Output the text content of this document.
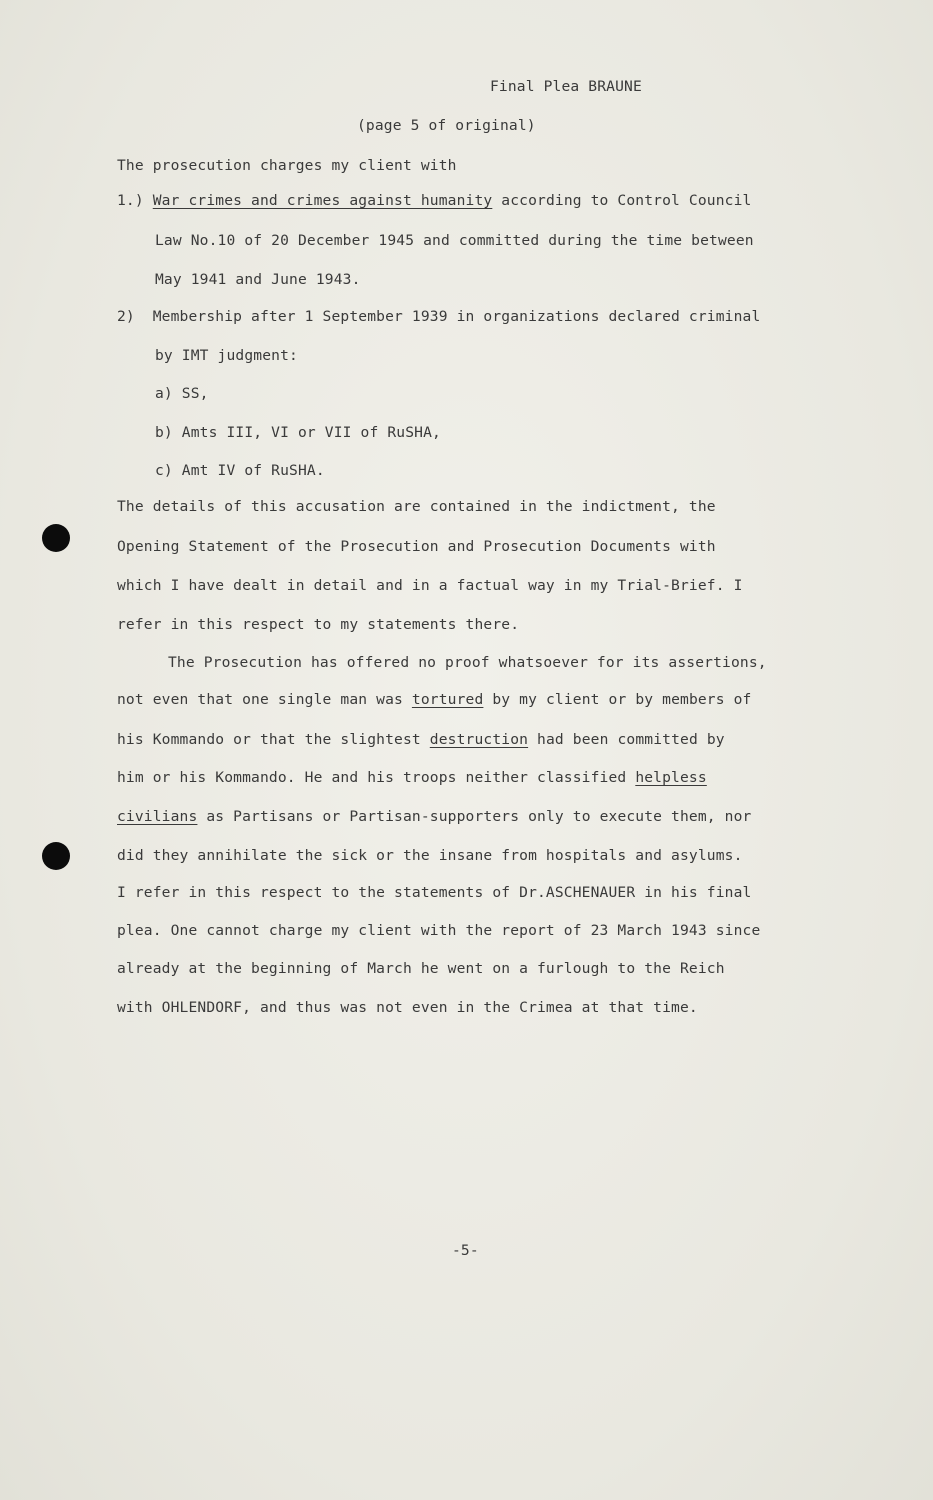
Final Plea BRAUNE
(page 5 of original)
The prosecution charges my client with
1.) War crimes and crimes against humanity according to Control Council
Law No.10 of 20 December 1945 and committed during the time between
May 1941 and June 1943.
2)  Membership after 1 September 1939 in organizations declared criminal
by IMT judgment:
a) SS,
b) Amts III, VI or VII of RuSHA,
c) Amt IV of RuSHA.
The details of this accusation are contained in the indictment, the
Opening Statement of the Prosecution and Prosecution Documents with
which I have dealt in detail and in a factual way in my Trial-Brief. I
refer in this respect to my statements there.
The Prosecution has offered no proof whatsoever for its assertions,
not even that one single man was tortured by my client or by members of
his Kommando or that the slightest destruction had been committed by
him or his Kommando. He and his troops neither classified helpless
civilians as Partisans or Partisan-supporters only to execute them, nor
did they annihilate the sick or the insane from hospitals and asylums.
I refer in this respect to the statements of Dr.ASCHENAUER in his final
plea. One cannot charge my client with the report of 23 March 1943 since
already at the beginning of March he went on a furlough to the Reich
with OHLENDORF, and thus was not even in the Crimea at that time.
-5-
